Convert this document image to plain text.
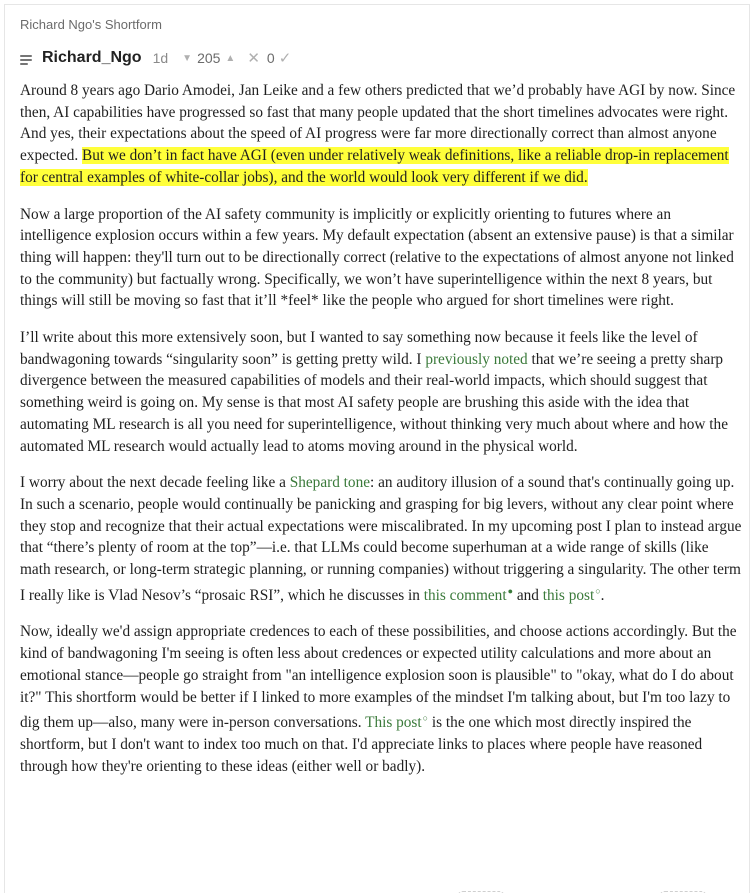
Richard Ngo's Shortform
Richard_Ngo 1d ▼ 205 ▲ ✕ 0 ✓

Around 8 years ago Dario Amodei, Jan Leike and a few others predicted that we’d probably have AGI by now. Since then, AI capabilities have progressed so fast that many people updated that the short timelines advocates were right. And yes, their expectations about the speed of AI progress were far more directionally correct than almost anyone expected. But we don’t in fact have AGI (even under relatively weak definitions, like a reliable drop-in replacement for central examples of white-collar jobs), and the world would look very different if we did.

Now a large proportion of the AI safety community is implicitly or explicitly orienting to futures where an intelligence explosion occurs within a few years. My default expectation (absent an extensive pause) is that a similar thing will happen: they'll turn out to be directionally correct (relative to the expectations of almost anyone not linked to the community) but factually wrong. Specifically, we won’t have superintelligence within the next 8 years, but things will still be moving so fast that it’ll *feel* like the people who argued for short timelines were right.

I’ll write about this more extensively soon, but I wanted to say something now because it feels like the level of bandwagoning towards “singularity soon” is getting pretty wild. I previously noted that we’re seeing a pretty sharp divergence between the measured capabilities of models and their real-world impacts, which should suggest that something weird is going on. My sense is that most AI safety people are brushing this aside with the idea that automating ML research is all you need for superintelligence, without thinking very much about where and how the automated ML research would actually lead to atoms moving around in the physical world.

I worry about the next decade feeling like a Shepard tone: an auditory illusion of a sound that's continually going up. In such a scenario, people would continually be panicking and grasping for big levers, without any clear point where they stop and recognize that their actual expectations were miscalibrated. In my upcoming post I plan to instead argue that “there’s plenty of room at the top”—i.e. that LLMs could become superhuman at a wide range of skills (like math research, or long-term strategic planning, or running companies) without triggering a singularity. The other term I really like is Vlad Nesov’s “prosaic RSI”, which he discusses in this comment● and this post○.

Now, ideally we'd assign appropriate credences to each of these possibilities, and choose actions accordingly. But the kind of bandwagoning I'm seeing is often less about credences or expected utility calculations and more about an emotional stance—people go straight from "an intelligence explosion soon is plausible" to "okay, what do I do about it?" This shortform would be better if I linked to more examples of the mindset I'm talking about, but I'm too lazy to dig them up—also, many were in-person conversations. This post○ is the one which most directly inspired the shortform, but I don't want to index too much on that. I'd appreciate links to places where people have reasoned through how they're orienting to these ideas (either well or badly).
